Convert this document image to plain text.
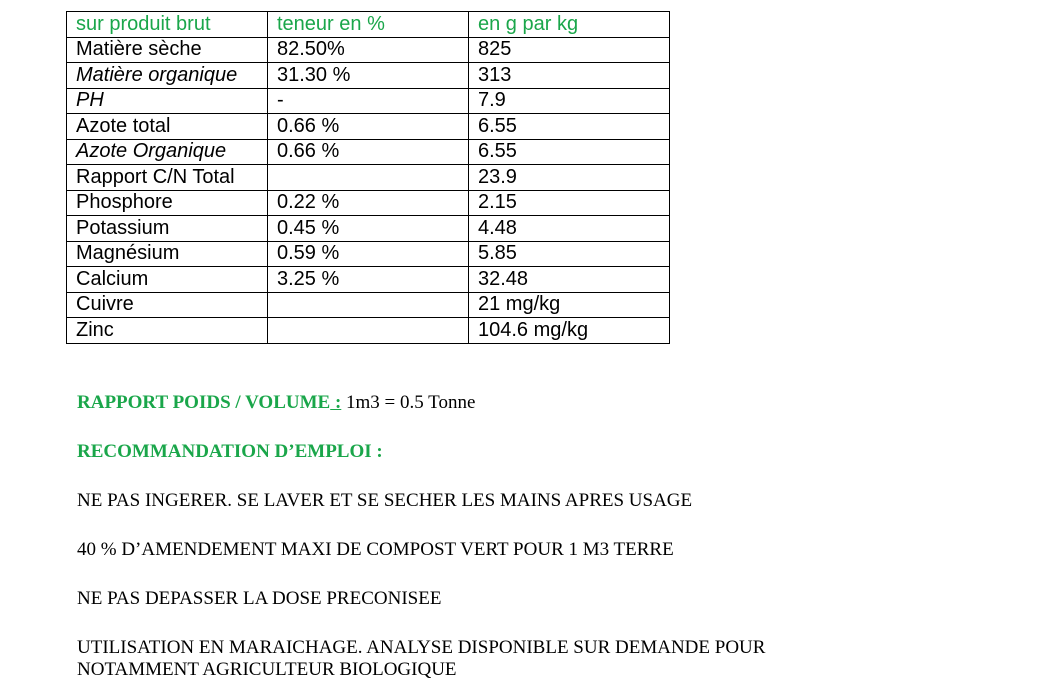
sur produit brut	teneur en %	en g par kg
Matière sèche	82.50%	825
Matière organique	31.30 %	313
PH	-	7.9
Azote total	0.66 %	6.55
Azote Organique	0.66 %	6.55
Rapport C/N Total		23.9
Phosphore	0.22 %	2.15
Potassium	0.45 %	4.48
Magnésium	0.59 %	5.85
Calcium	3.25 %	32.48
Cuivre		21 mg/kg
Zinc		104.6 mg/kg
RAPPORT POIDS / VOLUME : 1m3 = 0.5 Tonne
RECOMMANDATION D’EMPLOI :
NE PAS INGERER. SE LAVER ET SE SECHER LES MAINS APRES USAGE
40 % D’AMENDEMENT MAXI DE COMPOST VERT POUR 1 M3 TERRE
NE PAS DEPASSER LA DOSE PRECONISEE
UTILISATION EN MARAICHAGE. ANALYSE DISPONIBLE SUR DEMANDE POUR
NOTAMMENT AGRICULTEUR BIOLOGIQUE
